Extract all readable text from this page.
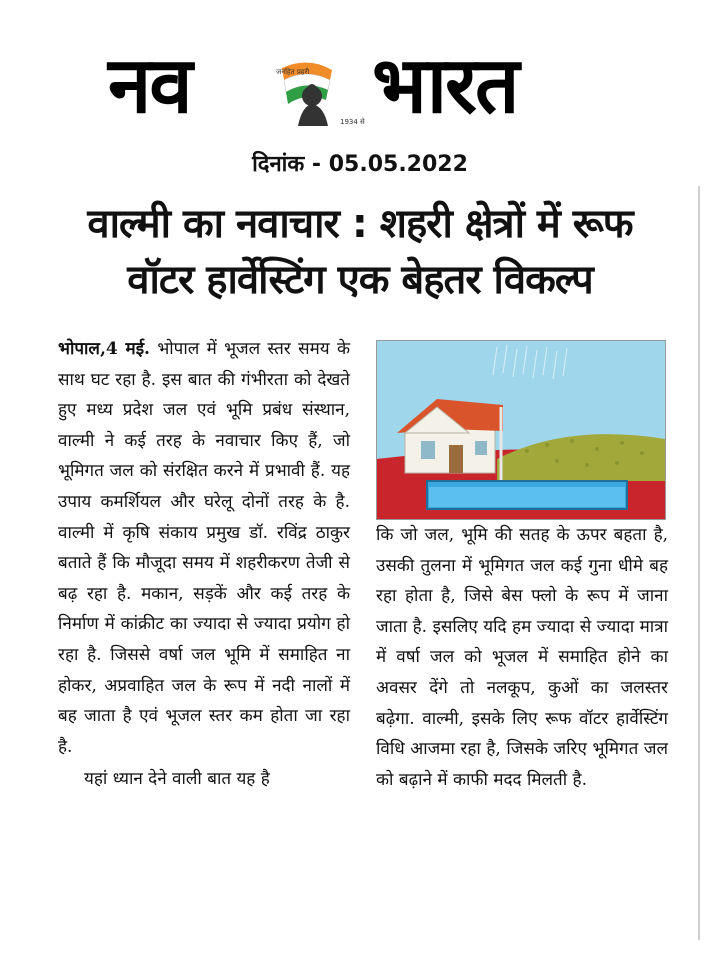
नव	जनहित प्रहरी
1934 से भारत
दिनांक - 05.05.2022
वाल्मी का नवाचार : शहरी क्षेत्रों में रूफ
वॉटर हार्वेस्टिंग एक बेहतर विकल्प

भोपाल,4 मई. भोपाल में भूजल स्तर समय के साथ घट रहा है. इस बात की गंभीरता को देखते हुए मध्य प्रदेश जल एवं भूमि प्रबंध संस्थान, वाल्मी ने कई तरह के नवाचार किए हैं, जो भूमिगत जल को संरक्षित करने में प्रभावी हैं. यह उपाय कमर्शियल और घरेलू दोनों तरह के है. वाल्मी में कृषि संकाय प्रमुख डॉ. रविंद्र ठाकुर बताते हैं कि मौजूदा समय में शहरीकरण तेजी से बढ़ रहा है. मकान, सड़कें और कई तरह के निर्माण में कांक्रीट का ज्यादा से ज्यादा प्रयोग हो रहा है. जिससे वर्षा जल भूमि में समाहित ना होकर, अप्रवाहित जल के रूप में नदी नालों में बह जाता है एवं भूजल स्तर कम होता जा रहा है.

यहां ध्यान देने वाली बात यह है

कि जो जल, भूमि की सतह के ऊपर बहता है, उसकी तुलना में भूमिगत जल कई गुना धीमे बह रहा होता है, जिसे बेस फ्लो के रूप में जाना जाता है. इसलिए यदि हम ज्यादा से ज्यादा मात्रा में वर्षा जल को भूजल में समाहित होने का अवसर देंगे तो नलकूप, कुओं का जलस्तर बढ़ेगा. वाल्मी, इसके लिए रूफ वॉटर हार्वेस्टिंग विधि आजमा रहा है, जिसके जरिए भूमिगत जल को बढ़ाने में काफी मदद मिलती है.
